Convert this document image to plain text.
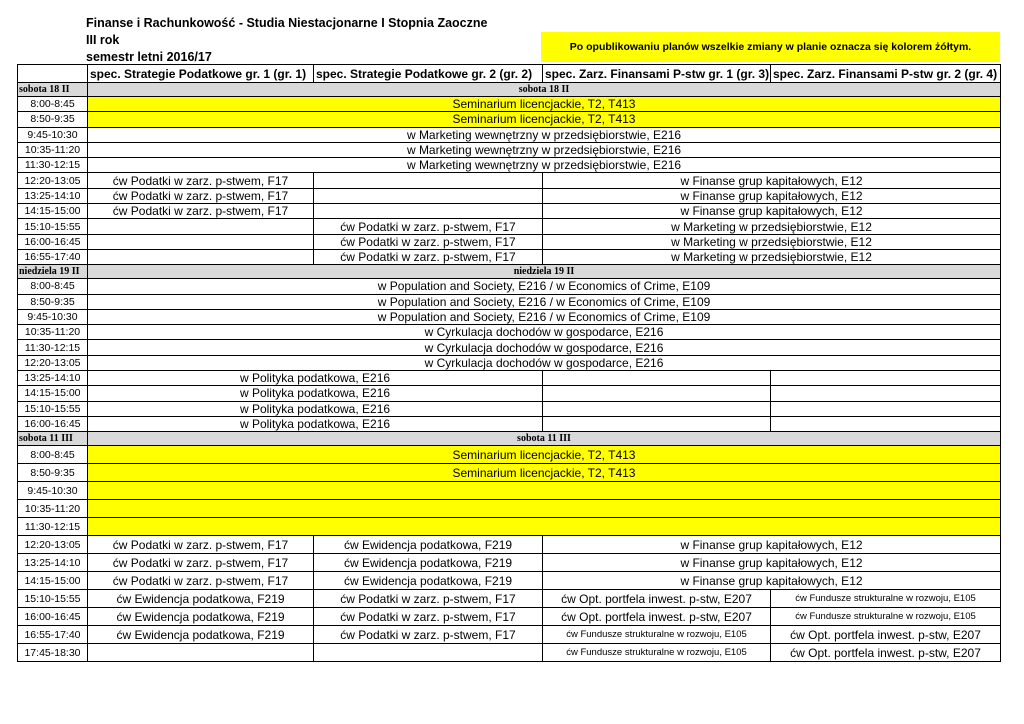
Finanse i Rachunkowość - Studia Niestacjonarne I Stopnia Zaoczne
III rok
semestr letni 2016/17
Po opublikowaniu planów wszelkie zmiany w planie oznacza się kolorem żółtym.
	spec. Strategie Podatkowe gr. 1 (gr. 1)	spec. Strategie Podatkowe gr. 2 (gr. 2)	spec. Zarz. Finansami P-stw gr. 1 (gr. 3)	spec. Zarz. Finansami P-stw gr. 2 (gr. 4)
sobota 18 II	sobota 18 II			
8:00-8:45	Seminarium licencjackie, T2, T413			
8:50-9:35	Seminarium licencjackie, T2, T413			
9:45-10:30	w Marketing wewnętrzny w przedsiębiorstwie, E216			
10:35-11:20	w Marketing wewnętrzny w przedsiębiorstwie, E216			
11:30-12:15	w Marketing wewnętrzny w przedsiębiorstwie, E216			
12:20-13:05	ćw Podatki w zarz. p-stwem, F17		w Finanse grup kapitałowych, E12	
13:25-14:10	ćw Podatki w zarz. p-stwem, F17		w Finanse grup kapitałowych, E12	
14:15-15:00	ćw Podatki w zarz. p-stwem, F17		w Finanse grup kapitałowych, E12	
15:10-15:55		ćw Podatki w zarz. p-stwem, F17	w Marketing w przedsiębiorstwie, E12	
16:00-16:45		ćw Podatki w zarz. p-stwem, F17	w Marketing w przedsiębiorstwie, E12	
16:55-17:40		ćw Podatki w zarz. p-stwem, F17	w Marketing w przedsiębiorstwie, E12	
niedziela 19 II	niedziela 19 II			
8:00-8:45	w Population and Society, E216 / w Economics of Crime, E109			
8:50-9:35	w Population and Society, E216 / w Economics of Crime, E109			
9:45-10:30	w Population and Society, E216 / w Economics of Crime, E109			
10:35-11:20	w Cyrkulacja dochodów w gospodarce, E216			
11:30-12:15	w Cyrkulacja dochodów w gospodarce, E216			
12:20-13:05	w Cyrkulacja dochodów w gospodarce, E216			
13:25-14:10	w Polityka podatkowa, E216			
14:15-15:00	w Polityka podatkowa, E216			
15:10-15:55	w Polityka podatkowa, E216			
16:00-16:45	w Polityka podatkowa, E216			
sobota 11 III	sobota 11 III			
8:00-8:45	Seminarium licencjackie, T2, T413			
8:50-9:35	Seminarium licencjackie, T2, T413			
9:45-10:30				
10:35-11:20				
11:30-12:15				
12:20-13:05	ćw Podatki w zarz. p-stwem, F17	ćw Ewidencja podatkowa, F219	w Finanse grup kapitałowych, E12	
13:25-14:10	ćw Podatki w zarz. p-stwem, F17	ćw Ewidencja podatkowa, F219	w Finanse grup kapitałowych, E12	
14:15-15:00	ćw Podatki w zarz. p-stwem, F17	ćw Ewidencja podatkowa, F219	w Finanse grup kapitałowych, E12	
15:10-15:55	ćw Ewidencja podatkowa, F219	ćw Podatki w zarz. p-stwem, F17	ćw Opt. portfela inwest. p-stw, E207	ćw Fundusze strukturalne w rozwoju, E105
16:00-16:45	ćw Ewidencja podatkowa, F219	ćw Podatki w zarz. p-stwem, F17	ćw Opt. portfela inwest. p-stw, E207	ćw Fundusze strukturalne w rozwoju, E105
16:55-17:40	ćw Ewidencja podatkowa, F219	ćw Podatki w zarz. p-stwem, F17	ćw Fundusze strukturalne w rozwoju, E105	ćw Opt. portfela inwest. p-stw, E207
17:45-18:30			ćw Fundusze strukturalne w rozwoju, E105	ćw Opt. portfela inwest. p-stw, E207
